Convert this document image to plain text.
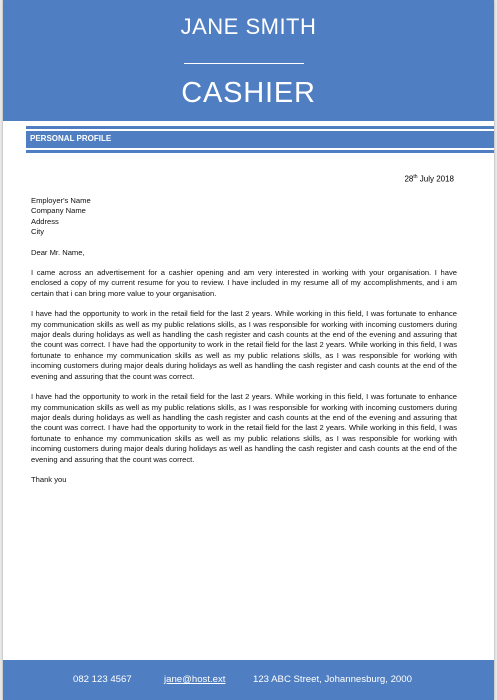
JANE SMITH
CASHIER
PERSONAL PROFILE
28th July 2018
Employer's Name
Company Name
Address
City
Dear Mr. Name,
I came across an advertisement for a cashier opening and am very interested in working with your organisation. I have enclosed a copy of my current resume for you to review. I have included in my resume all of my accomplishments, and i am certain that i can bring more value to your organisation.
I have had the opportunity to work in the retail field for the last 2 years. While working in this field, I was fortunate to enhance my communication skills as well as my public relations skills, as I was responsible for working with incoming customers during major deals during holidays as well as handling the cash register and cash counts at the end of the evening and assuring that the count was correct. I have had the opportunity to work in the retail field for the last 2 years. While working in this field, I was fortunate to enhance my communication skills as well as my public relations skills, as I was responsible for working with incoming customers during major deals during holidays as well as handling the cash register and cash counts at the end of the evening and assuring that the count was correct.
I have had the opportunity to work in the retail field for the last 2 years. While working in this field, I was fortunate to enhance my communication skills as well as my public relations skills, as I was responsible for working with incoming customers during major deals during holidays as well as handling the cash register and cash counts at the end of the evening and assuring that the count was correct. I have had the opportunity to work in the retail field for the last 2 years. While working in this field, I was fortunate to enhance my communication skills as well as my public relations skills, as I was responsible for working with incoming customers during major deals during holidays as well as handling the cash register and cash counts at the end of the evening and assuring that the count was correct.
Thank you
082 123 4567	jane@host.ext	123 ABC Street, Johannesburg, 2000
